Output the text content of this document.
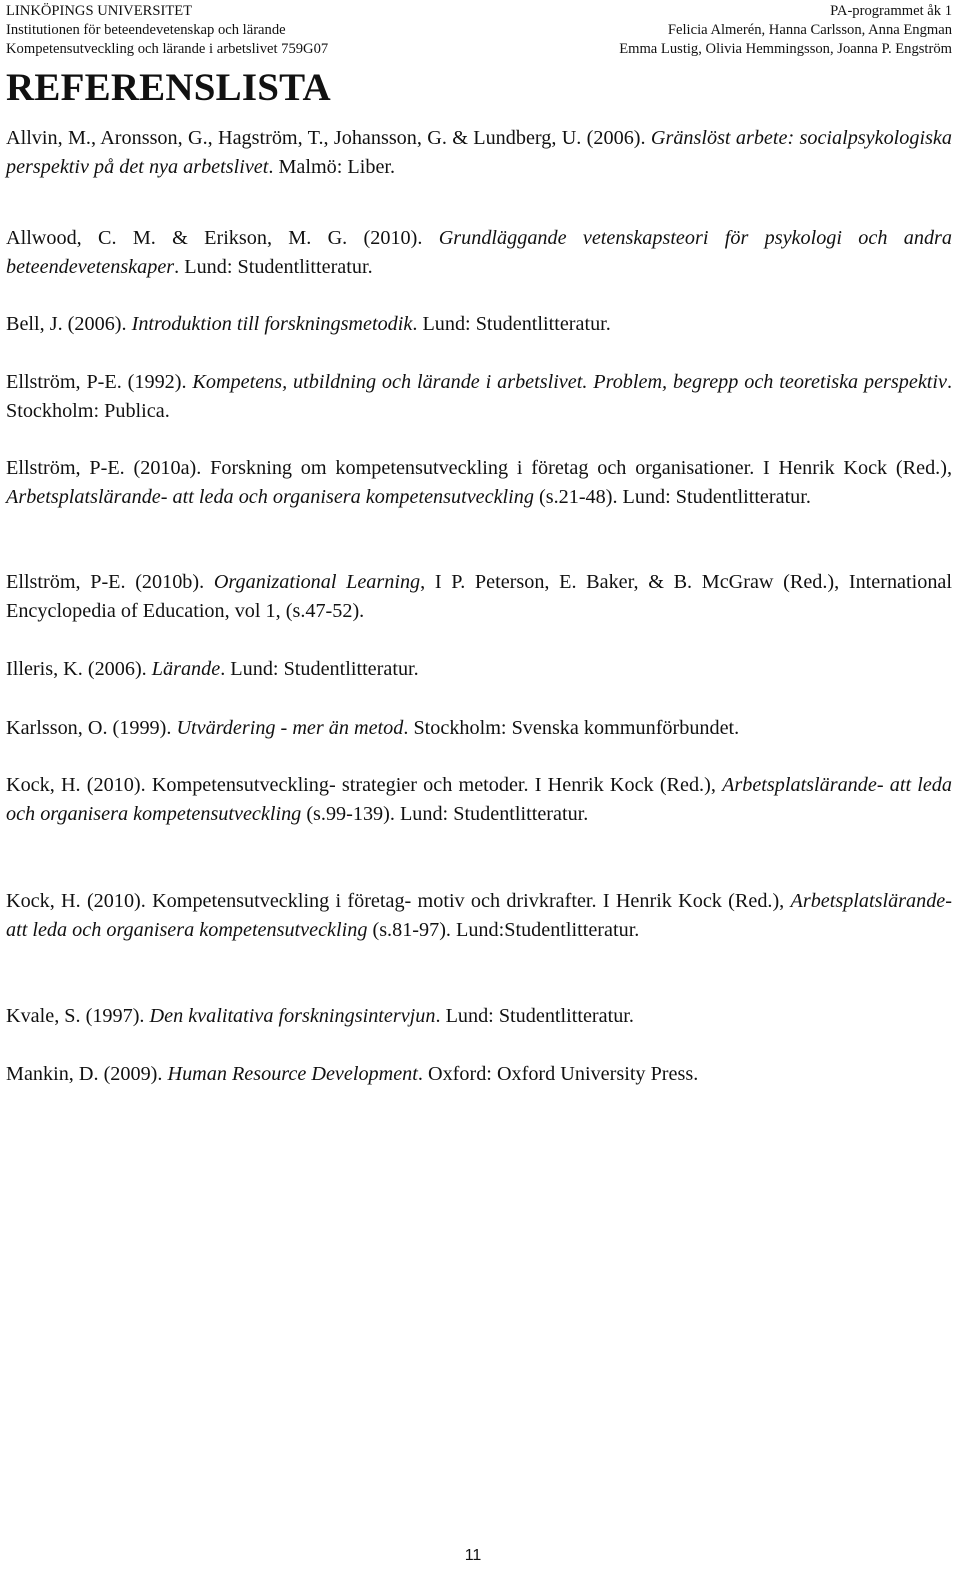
LINKÖPINGS UNIVERSITET
Institutionen för beteendevetenskap och lärande
Kompetensutveckling och lärande i arbetslivet 759G07
PA-programmet åk 1
Felicia Almerén, Hanna Carlsson, Anna Engman
Emma Lustig, Olivia Hemmingsson, Joanna P. Engström
REFERENSLISTA

Allvin, M., Aronsson, G., Hagström, T., Johansson, G. & Lundberg, U. (2006). Gränslöst arbete: socialpsykologiska perspektiv på det nya arbetslivet. Malmö: Liber.

Allwood, C. M. & Erikson, M. G. (2010). Grundläggande vetenskapsteori för psykologi och andra beteendevetenskaper. Lund: Studentlitteratur.

Bell, J. (2006). Introduktion till forskningsmetodik. Lund: Studentlitteratur.

Ellström, P-E. (1992). Kompetens, utbildning och lärande i arbetslivet. Problem, begrepp och teoretiska perspektiv. Stockholm: Publica.

Ellström, P-E. (2010a). Forskning om kompetensutveckling i företag och organisationer. I Henrik Kock (Red.), Arbetsplatslärande- att leda och organisera kompetensutveckling (s.21-48). Lund: Studentlitteratur.

Ellström, P-E. (2010b). Organizational Learning, I P. Peterson, E. Baker, & B. McGraw (Red.), International Encyclopedia of Education, vol 1, (s.47-52).

Illeris, K. (2006). Lärande. Lund: Studentlitteratur.

Karlsson, O. (1999). Utvärdering - mer än metod. Stockholm: Svenska kommunförbundet.

Kock, H. (2010). Kompetensutveckling- strategier och metoder. I Henrik Kock (Red.), Arbetsplatslärande- att leda och organisera kompetensutveckling (s.99-139). Lund: Studentlitteratur.

Kock, H. (2010). Kompetensutveckling i företag- motiv och drivkrafter. I Henrik Kock (Red.), Arbetsplatslärande- att leda och organisera kompetensutveckling (s.81-97). Lund:Studentlitteratur.

Kvale, S. (1997). Den kvalitativa forskningsintervjun. Lund: Studentlitteratur.

Mankin, D. (2009). Human Resource Development. Oxford: Oxford University Press.

11
